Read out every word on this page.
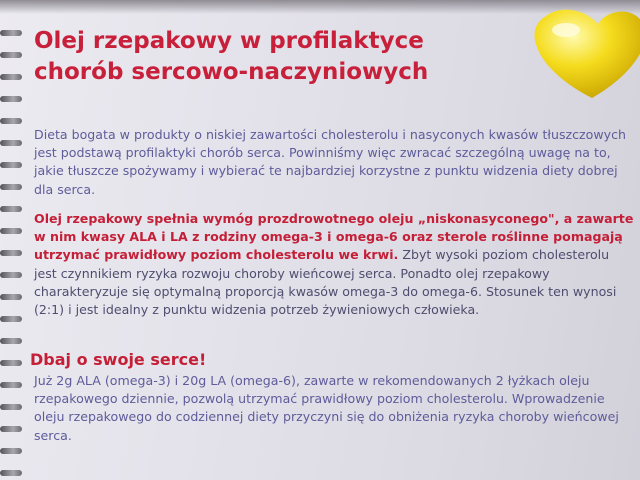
Olej rzepakowy w profilaktyce chorób sercowo-naczyniowych

Dieta bogata w produkty o niskiej zawartości cholesterolu i nasyconych kwasów tłuszczowych jest podstawą profilaktyki chorób serca. Powinniśmy więc zwracać szczególną uwagę na to, jakie tłuszcze spożywamy i wybierać te najbardziej korzystne z punktu widzenia diety dobrej dla serca.

Olej rzepakowy spełnia wymóg prozdrowotnego oleju „niskonasyconego", a zawarte w nim kwasy ALA i LA z rodziny omega-3 i omega-6 oraz sterole roślinne pomagają utrzymać prawidłowy poziom cholesterolu we krwi. Zbyt wysoki poziom cholesterolu jest czynnikiem ryzyka rozwoju choroby wieńcowej serca. Ponadto olej rzepakowy charakteryzuje się optymalną proporcją kwasów omega-3 do omega-6. Stosunek ten wynosi (2:1) i jest idealny z punktu widzenia potrzeb żywieniowych człowieka.

Dbaj o swoje serce!

Już 2g ALA (omega-3) i 20g LA (omega-6), zawarte w rekomendowanych 2 łyżkach oleju rzepakowego dziennie, pozwolą utrzymać prawidłowy poziom cholesterolu. Wprowadzenie oleju rzepakowego do codziennej diety przyczyni się do obniżenia ryzyka choroby wieńcowej serca.
